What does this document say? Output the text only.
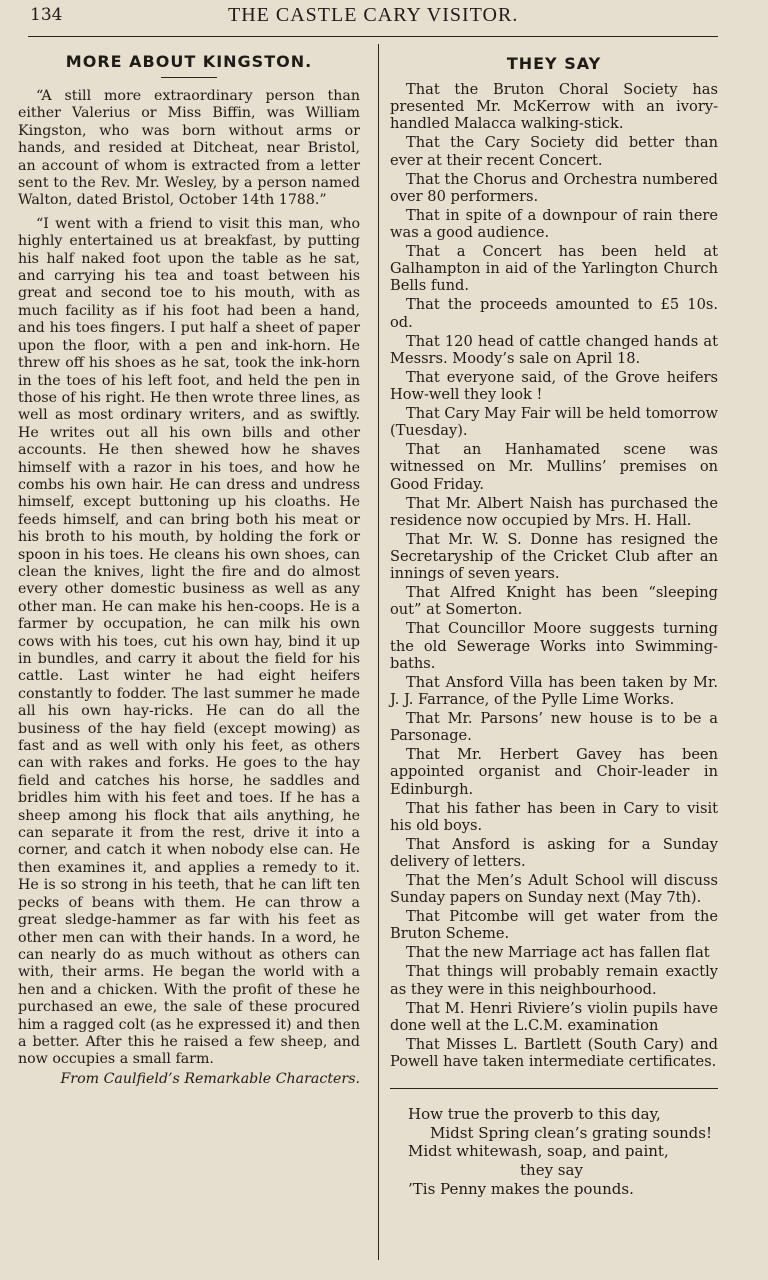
134	THE CASTLE CARY VISITOR.
MORE ABOUT KINGSTON.

“A still more extraordinary person than either Valerius or Miss Biffin, was William Kingston, who was born without arms or hands, and resided at Ditcheat, near Bristol, an account of whom is extracted from a letter sent to the Rev. Mr. Wesley, by a person named Walton, dated Bristol, October 14th 1788.”

“I went with a friend to visit this man, who highly entertained us at breakfast, by putting his half naked foot upon the table as he sat, and carrying his tea and toast between his great and second toe to his mouth, with as much facility as if his foot had been a hand, and his toes fingers. I put half a sheet of paper upon the floor, with a pen and ink-horn. He threw off his shoes as he sat, took the ink-horn in the toes of his left foot, and held the pen in those of his right. He then wrote three lines, as well as most ordinary writers, and as swiftly. He writes out all his own bills and other accounts. He then shewed how he shaves himself with a razor in his toes, and how he combs his own hair. He can dress and undress himself, except buttoning up his cloaths. He feeds himself, and can bring both his meat or his broth to his mouth, by holding the fork or spoon in his toes. He cleans his own shoes, can clean the knives, light the fire and do almost every other domestic business as well as any other man. He can make his hen-coops. He is a farmer by occupation, he can milk his own cows with his toes, cut his own hay, bind it up in bundles, and carry it about the field for his cattle. Last winter he had eight heifers constantly to fodder. The last summer he made all his own hay-ricks. He can do all the business of the hay field (except mowing) as fast and as well with only his feet, as others can with rakes and forks. He goes to the hay field and catches his horse, he saddles and bridles him with his feet and toes. If he has a sheep among his flock that ails anything, he can separate it from the rest, drive it into a corner, and catch it when nobody else can. He then examines it, and applies a remedy to it. He is so strong in his teeth, that he can lift ten pecks of beans with them. He can throw a great sledge-hammer as far with his feet as other men can with their hands. In a word, he can nearly do as much without as others can with, their arms. He began the world with a hen and a chicken. With the profit of these he purchased an ewe, the sale of these procured him a ragged colt (as he expressed it) and then a better. After this he raised a few sheep, and now occupies a small farm.

From Caulfield’s Remarkable Characters.
THEY SAY

That the Bruton Choral Society has presented Mr. McKerrow with an ivory-handled Malacca walking-stick.

That the Cary Society did better than ever at their recent Concert.

That the Chorus and Orchestra numbered over 80 performers.

That in spite of a downpour of rain there was a good audience.

That a Concert has been held at Galhampton in aid of the Yarlington Church Bells fund.

That the proceeds amounted to £5 10s. od.

That 120 head of cattle changed hands at Messrs. Moody’s sale on April 18.

That everyone said, of the Grove heifers How-well they look !

That Cary May Fair will be held tomorrow (Tuesday).

That an Hanhamated scene was witnessed on Mr. Mullins’ premises on Good Friday.

That Mr. Albert Naish has purchased the residence now occupied by Mrs. H. Hall.

That Mr. W. S. Donne has resigned the Secretaryship of the Cricket Club after an innings of seven years.

That Alfred Knight has been “sleeping out” at Somerton.

That Councillor Moore suggests turning the old Sewerage Works into Swimming-baths.

That Ansford Villa has been taken by Mr. J. J. Farrance, of the Pylle Lime Works.

That Mr. Parsons’ new house is to be a Parsonage.

That Mr. Herbert Gavey has been appointed organist and Choir-leader in Edinburgh.

That his father has been in Cary to visit his old boys.

That Ansford is asking for a Sunday delivery of letters.

That the Men’s Adult School will discuss Sunday papers on Sunday next (May 7th).

That Pitcombe will get water from the Bruton Scheme.

That the new Marriage act has fallen flat

That things will probably remain exactly as they were in this neighbourhood.

That M. Henri Riviere’s violin pupils have done well at the L.C.M. examination

That Misses L. Bartlett (South Cary) and Powell have taken intermediate certificates.

How true the proverb to this day,
Midst Spring clean’s grating sounds!
Midst whitewash, soap, and paint,
they say
’Tis Penny makes the pounds.
